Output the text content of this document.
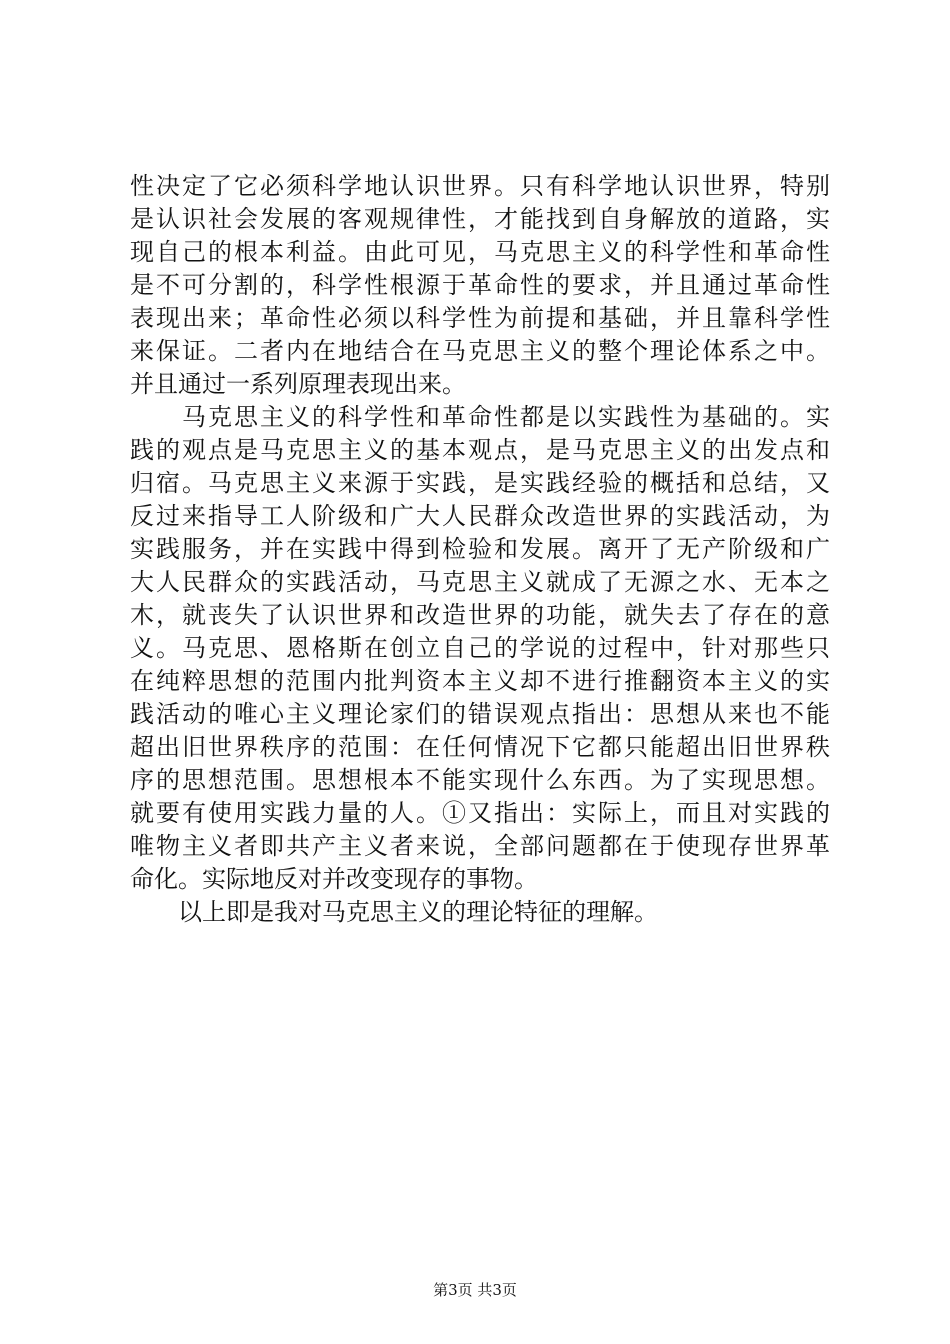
性决定了它必须科学地认识世界。只有科学地认识世界，特别
是认识社会发展的客观规律性，才能找到自身解放的道路，实
现自己的根本利益。由此可见，马克思主义的科学性和革命性
是不可分割的，科学性根源于革命性的要求，并且通过革命性
表现出来；革命性必须以科学性为前提和基础，并且靠科学性
来保证。二者内在地结合在马克思主义的整个理论体系之中。
并且通过一系列原理表现出来。
　　马克思主义的科学性和革命性都是以实践性为基础的。实
践的观点是马克思主义的基本观点，是马克思主义的出发点和
归宿。马克思主义来源于实践，是实践经验的概括和总结，又
反过来指导工人阶级和广大人民群众改造世界的实践活动，为
实践服务，并在实践中得到检验和发展。离开了无产阶级和广
大人民群众的实践活动，马克思主义就成了无源之水、无本之
木，就丧失了认识世界和改造世界的功能，就失去了存在的意
义。马克思、恩格斯在创立自己的学说的过程中，针对那些只
在纯粹思想的范围内批判资本主义却不进行推翻资本主义的实
践活动的唯心主义理论家们的错误观点指出：思想从来也不能
超出旧世界秩序的范围：在任何情况下它都只能超出旧世界秩
序的思想范围。思想根本不能实现什么东西。为了实现思想。
就要有使用实践力量的人。①又指出：实际上，而且对实践的
唯物主义者即共产主义者来说，全部问题都在于使现存世界革
命化。实际地反对并改变现存的事物。
　　以上即是我对马克思主义的理论特征的理解。
第3页 共3页
